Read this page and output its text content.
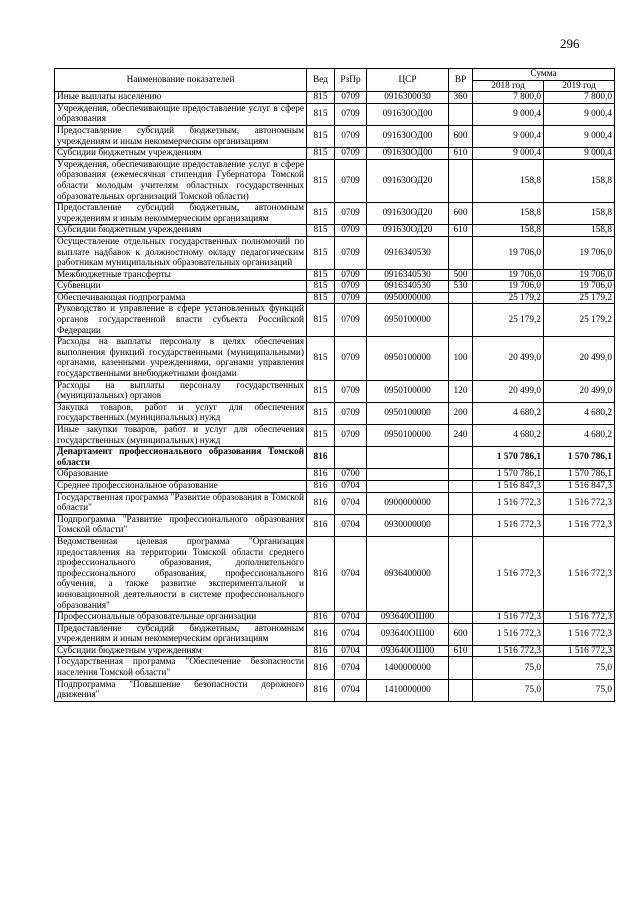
296
Наименование показателей	Вед	РзПр	ЦСР	ВР	Сумма	
					2018 год	2019 год
Иные выплаты населению	815	0709	0916300030	360	7 800,0	7 800,0
Учреждения, обеспечивающие предоставление услуг в сфере образования	815	0709	091630ОД00		9 000,4	9 000,4
Предоставление субсидий бюджетным, автономным учреждениям и иным некоммерческим организациям	815	0709	091630ОД00	600	9 000,4	9 000,4
Субсидии бюджетным учреждениям	815	0709	091630ОД00	610	9 000,4	9 000,4
Учреждения, обеспечивающие предоставление услуг в сфере образования (ежемесячная стипендия Губернатора Томской области молодым учителям областных государственных образовательных организаций Томской области)	815	0709	091630ОД20		158,8	158,8
Предоставление субсидий бюджетным, автономным учреждениям и иным некоммерческим организациям	815	0709	091630ОД20	600	158,8	158,8
Субсидии бюджетным учреждениям	815	0709	091630ОД20	610	158,8	158,8
Осуществление отдельных государственных полномочий по выплате надбавок к должностному окладу педагогическим работникам муниципальных образовательных организаций	815	0709	0916340530		19 706,0	19 706,0
Межбюджетные трансферты	815	0709	0916340530	500	19 706,0	19 706,0
Субвенции	815	0709	0916340530	530	19 706,0	19 706,0
Обеспечивающая подпрограмма	815	0709	0950000000		25 179,2	25 179,2
Руководство и управление в сфере установленных функций органов государственной власти субъекта Российской Федерации	815	0709	0950100000		25 179,2	25 179,2
Расходы на выплаты персоналу в целях обеспечения выполнения функций государственными (муниципальными) органами, казенными учреждениями, органами управления государственными внебюджетными фондами	815	0709	0950100000	100	20 499,0	20 499,0
Расходы на выплаты персоналу государственных (муниципальных) органов	815	0709	0950100000	120	20 499,0	20 499,0
Закупка товаров, работ и услуг для обеспечения государственных (муниципальных) нужд	815	0709	0950100000	200	4 680,2	4 680,2
Иные закупки товаров, работ и услуг для обеспечения государственных (муниципальных) нужд	815	0709	0950100000	240	4 680,2	4 680,2
Департамент профессионального образования Томской области	816				1 570 786,1	1 570 786,1
Образование	816	0700			1 570 786,1	1 570 786,1
Среднее профессиональное образование	816	0704			1 516 847,3	1 516 847,3
Государственная программа "Развитие образования в Томской области"	816	0704	0900000000		1 516 772,3	1 516 772,3
Подпрограмма "Развитие профессионального образования Томской области"	816	0704	0930000000		1 516 772,3	1 516 772,3
Ведомственная целевая программа "Организация предоставления на территории Томской области среднего профессионального образования, дополнительного профессионального образования, профессионального обучения, а также развитие экспериментальной и инновационной деятельности в системе профессионального образования"	816	0704	0936400000		1 516 772,3	1 516 772,3
Профессиональные образовательные организации	816	0704	093640ОШ00		1 516 772,3	1 516 772,3
Предоставление субсидий бюджетным, автономным учреждениям и иным некоммерческим организациям	816	0704	093640ОШ00	600	1 516 772,3	1 516 772,3
Субсидии бюджетным учреждениям	816	0704	093640ОШ00	610	1 516 772,3	1 516 772,3
Государственная программа "Обеспечение безопасности населения Томской области"	816	0704	1400000000		75,0	75,0
Подпрограмма "Повышение безопасности дорожного движения"	816	0704	1410000000		75,0	75,0
